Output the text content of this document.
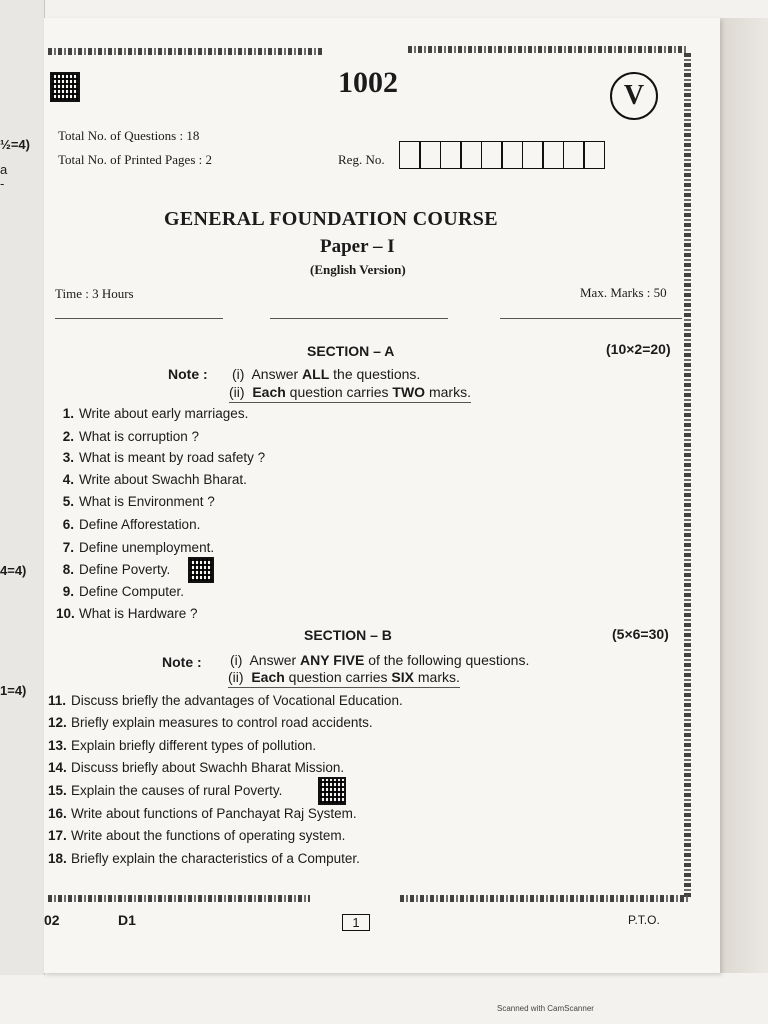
½=4)
a
-
4=4)
1=4)
1002	V
Total No. of Questions : 18
Total No. of Printed Pages : 2	Reg. No.
GENERAL FOUNDATION COURSE
Paper – I
(English Version)
Time : 3 Hours	Max. Marks : 50
SECTION – A	(10×2=20)
Note : (i) Answer ALL the questions.
(ii) Each question carries TWO marks.
1. Write about early marriages.
2. What is corruption ?
3. What is meant by road safety ?
4. Write about Swachh Bharat.
5. What is Environment ?
6. Define Afforestation.
7. Define unemployment.
8. Define Poverty.
9. Define Computer.
10. What is Hardware ?
SECTION – B	(5×6=30)
Note : (i) Answer ANY FIVE of the following questions.
(ii) Each question carries SIX marks.
11. Discuss briefly the advantages of Vocational Education.
12. Briefly explain measures to control road accidents.
13. Explain briefly different types of pollution.
14. Discuss briefly about Swachh Bharat Mission.
15. Explain the causes of rural Poverty.
16. Write about functions of Panchayat Raj System.
17. Write about the functions of operating system.
18. Briefly explain the characteristics of a Computer.
02	D1	1	P.T.O.
Scanned with CamScanner
